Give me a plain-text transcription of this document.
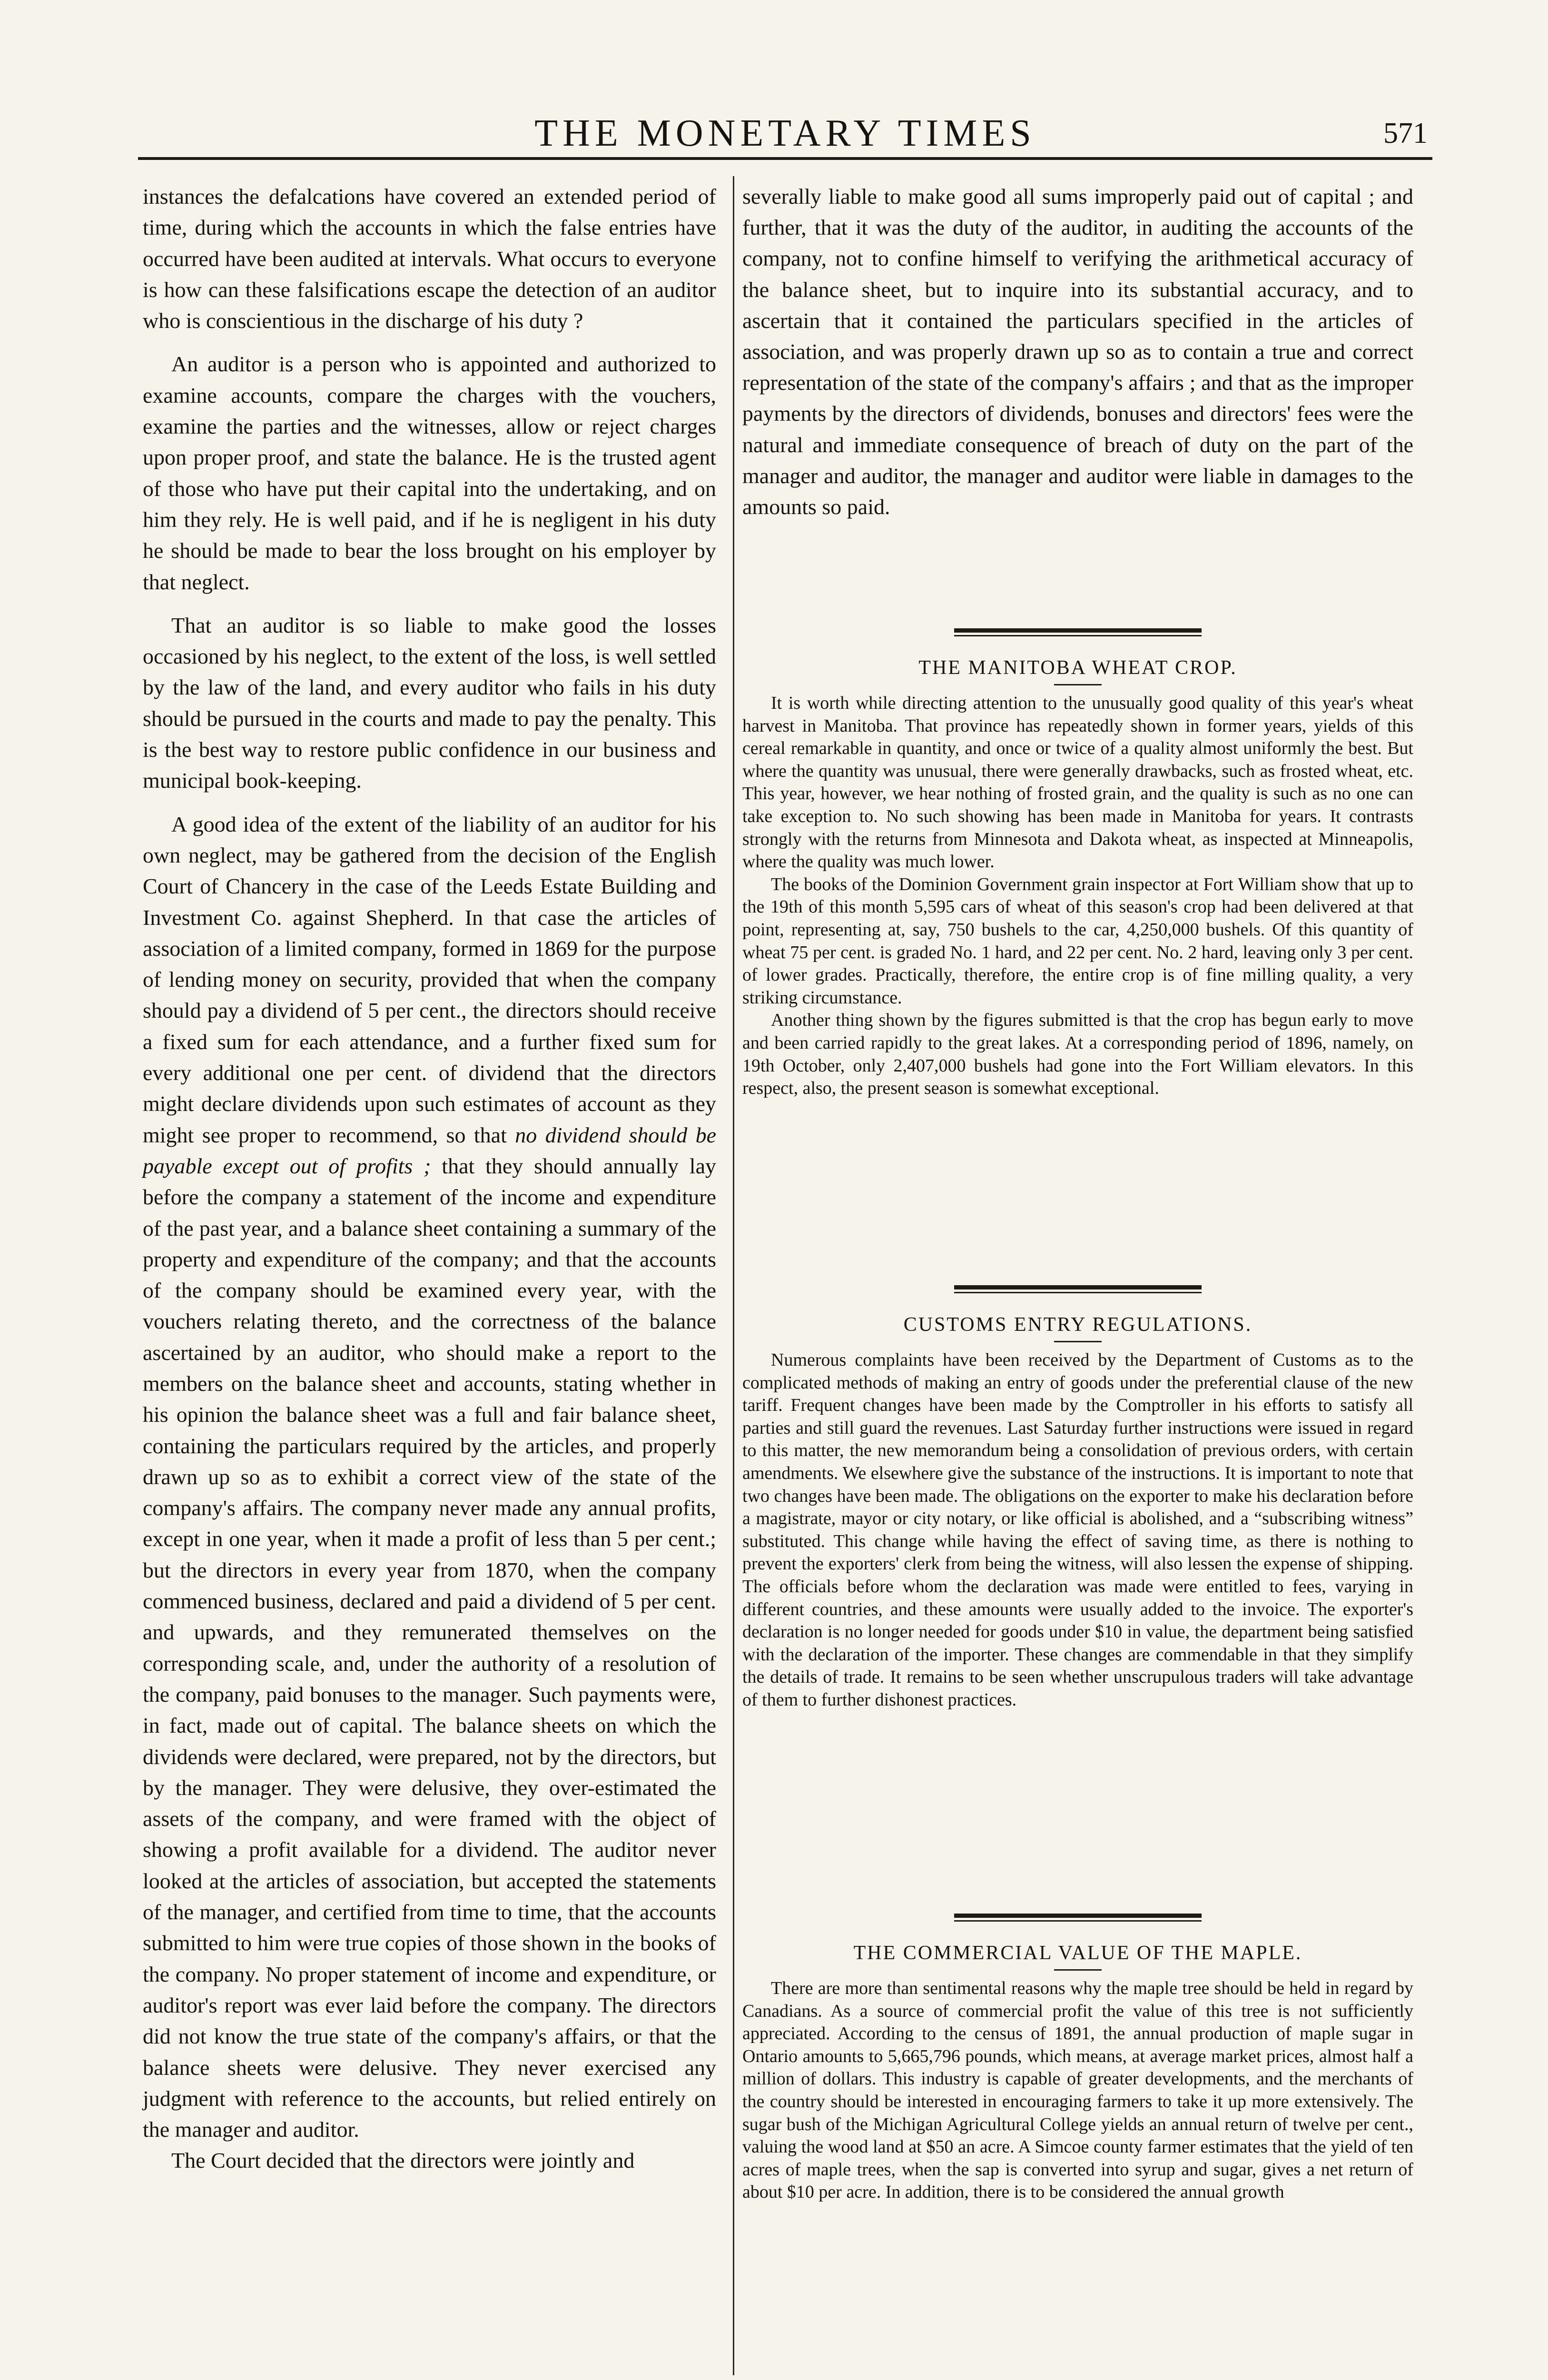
THE MONETARY TIMES	571

instances the defalcations have covered an extended period of time, during which the accounts in which the false entries have occurred have been audited at intervals. What occurs to everyone is how can these falsifications escape the detection of an auditor who is conscientious in the discharge of his duty ?

An auditor is a person who is appointed and authorized to examine accounts, compare the charges with the vouchers, examine the parties and the witnesses, allow or reject charges upon proper proof, and state the balance. He is the trusted agent of those who have put their capital into the undertaking, and on him they rely. He is well paid, and if he is negligent in his duty he should be made to bear the loss brought on his employer by that neglect.

That an auditor is so liable to make good the losses occasioned by his neglect, to the extent of the loss, is well settled by the law of the land, and every auditor who fails in his duty should be pursued in the courts and made to pay the penalty. This is the best way to restore public confidence in our business and municipal book-keeping.

A good idea of the extent of the liability of an auditor for his own neglect, may be gathered from the decision of the English Court of Chancery in the case of the Leeds Estate Building and Investment Co. against Shepherd. In that case the articles of association of a limited company, formed in 1869 for the purpose of lending money on security, provided that when the company should pay a dividend of 5 per cent., the directors should receive a fixed sum for each attendance, and a further fixed sum for every additional one per cent. of dividend that the directors might declare dividends upon such estimates of account as they might see proper to recommend, so that no dividend should be payable except out of profits ; that they should annually lay before the company a statement of the income and expenditure of the past year, and a balance sheet containing a summary of the property and expenditure of the company; and that the accounts of the company should be examined every year, with the vouchers relating thereto, and the correctness of the balance ascertained by an auditor, who should make a report to the members on the balance sheet and accounts, stating whether in his opinion the balance sheet was a full and fair balance sheet, containing the particulars required by the articles, and properly drawn up so as to exhibit a correct view of the state of the company's affairs. The company never made any annual profits, except in one year, when it made a profit of less than 5 per cent.; but the directors in every year from 1870, when the company commenced business, declared and paid a dividend of 5 per cent. and upwards, and they remunerated themselves on the corresponding scale, and, under the authority of a resolution of the company, paid bonuses to the manager. Such payments were, in fact, made out of capital. The balance sheets on which the dividends were declared, were prepared, not by the directors, but by the manager. They were delusive, they over-estimated the assets of the company, and were framed with the object of showing a profit available for a dividend. The auditor never looked at the articles of association, but accepted the statements of the manager, and certified from time to time, that the accounts submitted to him were true copies of those shown in the books of the company. No proper statement of income and expenditure, or auditor's report was ever laid before the company. The directors did not know the true state of the company's affairs, or that the balance sheets were delusive. They never exercised any judgment with reference to the accounts, but relied entirely on the manager and auditor.

The Court decided that the directors were jointly and

severally liable to make good all sums improperly paid out of capital ; and further, that it was the duty of the auditor, in auditing the accounts of the company, not to confine himself to verifying the arithmetical accuracy of the balance sheet, but to inquire into its substantial accuracy, and to ascertain that it contained the particulars specified in the articles of association, and was properly drawn up so as to contain a true and correct representation of the state of the company's affairs ; and that as the improper payments by the directors of dividends, bonuses and directors' fees were the natural and immediate consequence of breach of duty on the part of the manager and auditor, the manager and auditor were liable in damages to the amounts so paid.

THE MANITOBA WHEAT CROP.

It is worth while directing attention to the unusually good quality of this year's wheat harvest in Manitoba. That province has repeatedly shown in former years, yields of this cereal remarkable in quantity, and once or twice of a quality almost uniformly the best. But where the quantity was unusual, there were generally drawbacks, such as frosted wheat, etc. This year, however, we hear nothing of frosted grain, and the quality is such as no one can take exception to. No such showing has been made in Manitoba for years. It contrasts strongly with the returns from Minnesota and Dakota wheat, as inspected at Minneapolis, where the quality was much lower.

The books of the Dominion Government grain inspector at Fort William show that up to the 19th of this month 5,595 cars of wheat of this season's crop had been delivered at that point, representing at, say, 750 bushels to the car, 4,250,000 bushels. Of this quantity of wheat 75 per cent. is graded No. 1 hard, and 22 per cent. No. 2 hard, leaving only 3 per cent. of lower grades. Practically, therefore, the entire crop is of fine milling quality, a very striking circumstance.

Another thing shown by the figures submitted is that the crop has begun early to move and been carried rapidly to the great lakes. At a corresponding period of 1896, namely, on 19th October, only 2,407,000 bushels had gone into the Fort William elevators. In this respect, also, the present season is somewhat exceptional.

CUSTOMS ENTRY REGULATIONS.

Numerous complaints have been received by the Department of Customs as to the complicated methods of making an entry of goods under the preferential clause of the new tariff. Frequent changes have been made by the Comptroller in his efforts to satisfy all parties and still guard the revenues. Last Saturday further instructions were issued in regard to this matter, the new memorandum being a consolidation of previous orders, with certain amendments. We elsewhere give the substance of the instructions. It is important to note that two changes have been made. The obligations on the exporter to make his declaration before a magistrate, mayor or city notary, or like official is abolished, and a “subscribing witness” substituted. This change while having the effect of saving time, as there is nothing to prevent the exporters' clerk from being the witness, will also lessen the expense of shipping. The officials before whom the declaration was made were entitled to fees, varying in different countries, and these amounts were usually added to the invoice. The exporter's declaration is no longer needed for goods under $10 in value, the department being satisfied with the declaration of the importer. These changes are commendable in that they simplify the details of trade. It remains to be seen whether unscrupulous traders will take advantage of them to further dishonest practices.

THE COMMERCIAL VALUE OF THE MAPLE.

There are more than sentimental reasons why the maple tree should be held in regard by Canadians. As a source of commercial profit the value of this tree is not sufficiently appreciated. According to the census of 1891, the annual production of maple sugar in Ontario amounts to 5,665,796 pounds, which means, at average market prices, almost half a million of dollars. This industry is capable of greater developments, and the merchants of the country should be interested in encouraging farmers to take it up more extensively. The sugar bush of the Michigan Agricultural College yields an annual return of twelve per cent., valuing the wood land at $50 an acre. A Simcoe county farmer estimates that the yield of ten acres of maple trees, when the sap is converted into syrup and sugar, gives a net return of about $10 per acre. In addition, there is to be considered the annual growth
